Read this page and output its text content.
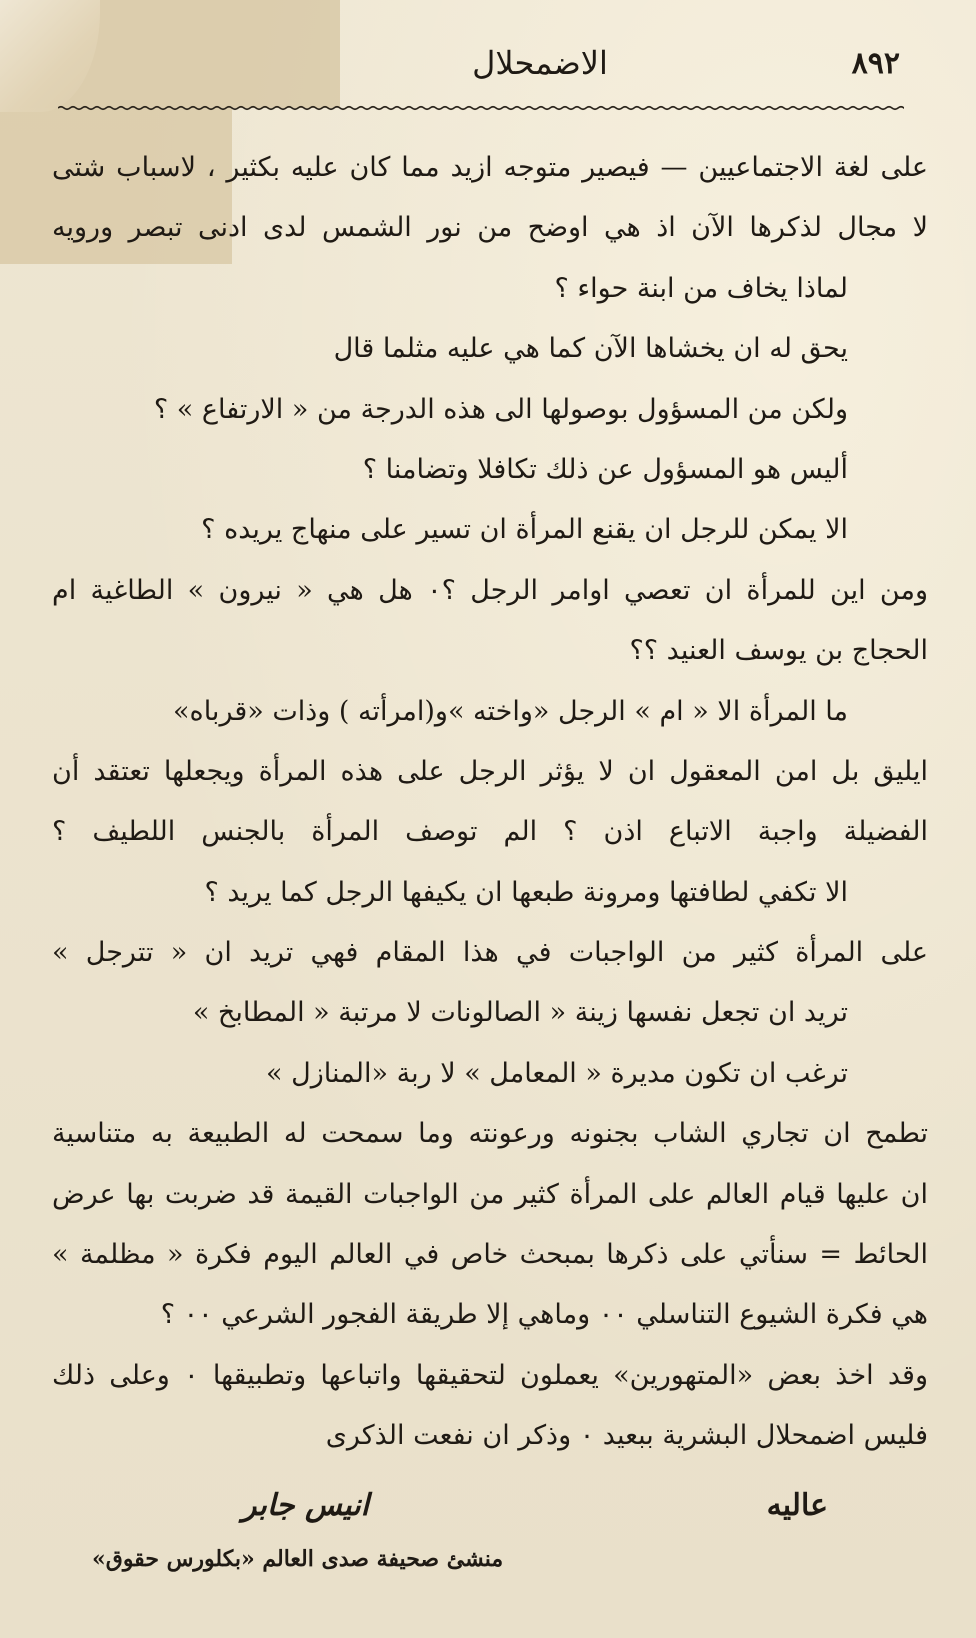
٨٩٢
الاضمحلال
على لغة الاجتماعيين — فيصير متوجه ازيد مما كان عليه بكثير ، لاسباب شتى
لا مجال لذكرها الآن اذ هي اوضح من نور الشمس لدى ادنى تبصر ورويه
لماذا يخاف من ابنة حواء ؟
يحق له ان يخشاها الآن كما هي عليه مثلما قال
ولكن من المسؤول بوصولها الى هذه الدرجة من « الارتفاع » ؟
أليس هو المسؤول عن ذلك تكافلا وتضامنا ؟
الا يمكن للرجل ان يقنع المرأة ان تسير على منهاج يريده ؟
ومن اين للمرأة ان تعصي اوامر الرجل ؟٠ هل هي « نيرون » الطاغية ام
الحجاج بن يوسف العنيد ؟؟
ما المرأة الا « ام » الرجل «واخته »و(امرأته ) وذات «قرباه»
ايليق بل امن المعقول ان لا يؤثر الرجل على هذه المرأة ويجعلها تعتقد أن
الفضيلة واجبة الاتباع اذن ؟ الم توصف المرأة بالجنس اللطيف ؟
الا تكفي لطافتها ومرونة طبعها ان يكيفها الرجل كما يريد ؟
على المرأة كثير من الواجبات في هذا المقام فهي تريد ان « تترجل »
تريد ان تجعل نفسها زينة « الصالونات لا مرتبة « المطابخ »
ترغب ان تكون مديرة « المعامل » لا ربة «المنازل »
تطمح ان تجاري الشاب بجنونه ورعونته وما سمحت له الطبيعة به متناسية
ان عليها قيام العالم على المرأة كثير من الواجبات القيمة قد ضربت بها عرض
الحائط = سنأتي على ذكرها بمبحث خاص في العالم اليوم فكرة « مظلمة »
هي فكرة الشيوع التناسلي ٠٠ وماهي إلا طريقة الفجور الشرعي ٠٠ ؟
وقد اخذ بعض «المتهورين» يعملون لتحقيقها واتباعها وتطبيقها ٠ وعلى ذلك
فليس اضمحلال البشرية ببعيد ٠ وذكر ان نفعت الذكرى
عاليه
انيس جابر
منشئ صحيفة صدى العالم «بكلورس حقوق»
